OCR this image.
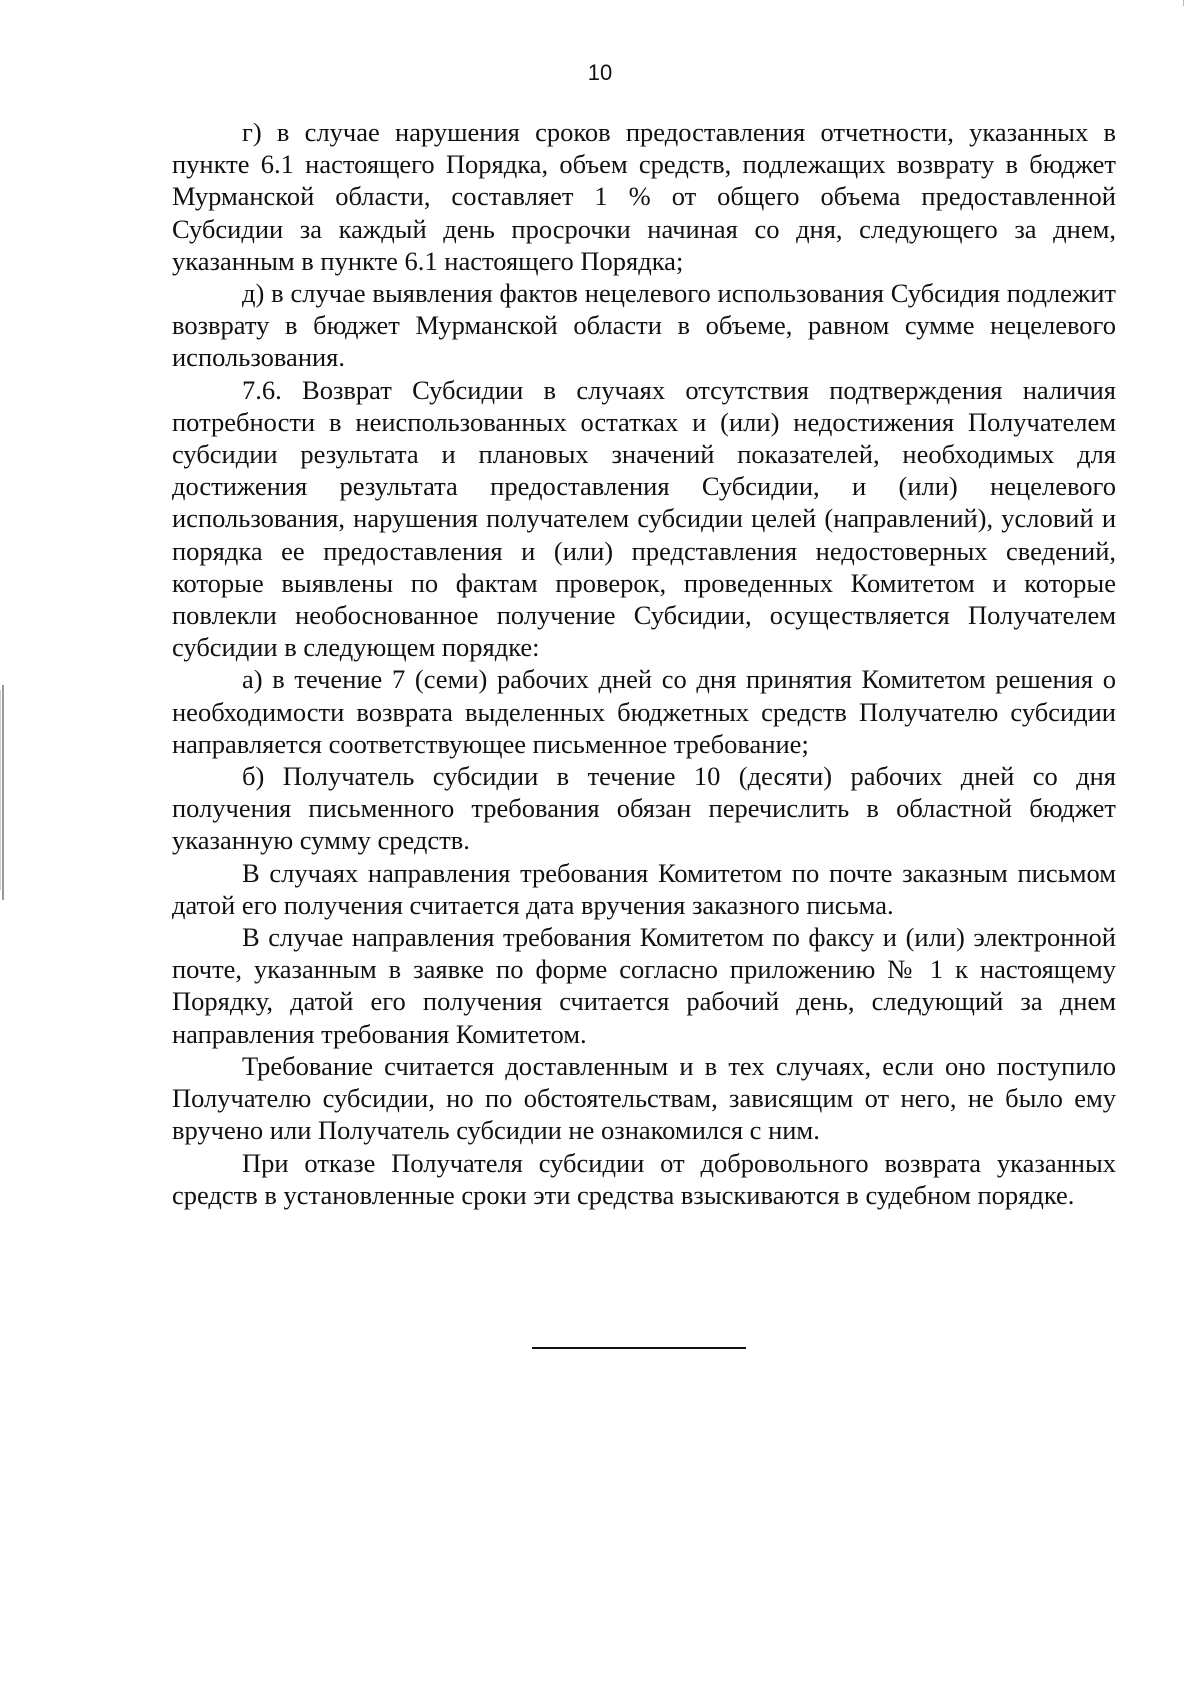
10

г) в случае нарушения сроков предоставления отчетности, указанных в пункте 6.1 настоящего Порядка, объем средств, подлежащих возврату в бюджет Мурманской области, составляет 1 % от общего объема предоставленной Субсидии за каждый день просрочки начиная со дня, следующего за днем, указанным в пункте 6.1 настоящего Порядка;

д) в случае выявления фактов нецелевого использования Субсидия подлежит возврату в бюджет Мурманской области в объеме, равном сумме нецелевого использования.

7.6. Возврат Субсидии в случаях отсутствия подтверждения наличия потребности в неиспользованных остатках и (или) недостижения Получателем субсидии результата и плановых значений показателей, необходимых для достижения результата предоставления Субсидии, и (или) нецелевого использования, нарушения получателем субсидии целей (направлений), условий и порядка ее предоставления и (или) представления недостоверных сведений, которые выявлены по фактам проверок, проведенных Комитетом и которые повлекли необоснованное получение Субсидии, осуществляется Получателем субсидии в следующем порядке:

а) в течение 7 (семи) рабочих дней со дня принятия Комитетом решения о необходимости возврата выделенных бюджетных средств Получателю субсидии направляется соответствующее письменное требование;

б) Получатель субсидии в течение 10 (десяти) рабочих дней со дня получения письменного требования обязан перечислить в областной бюджет указанную сумму средств.

В случаях направления требования Комитетом по почте заказным письмом датой его получения считается дата вручения заказного письма.

В случае направления требования Комитетом по факсу и (или) электронной почте, указанным в заявке по форме согласно приложению № 1 к настоящему Порядку, датой его получения считается рабочий день, следующий за днем направления требования Комитетом.

Требование считается доставленным и в тех случаях, если оно поступило Получателю субсидии, но по обстоятельствам, зависящим от него, не было ему вручено или Получатель субсидии не ознакомился с ним.

При отказе Получателя субсидии от добровольного возврата указанных средств в установленные сроки эти средства взыскиваются в судебном порядке.
